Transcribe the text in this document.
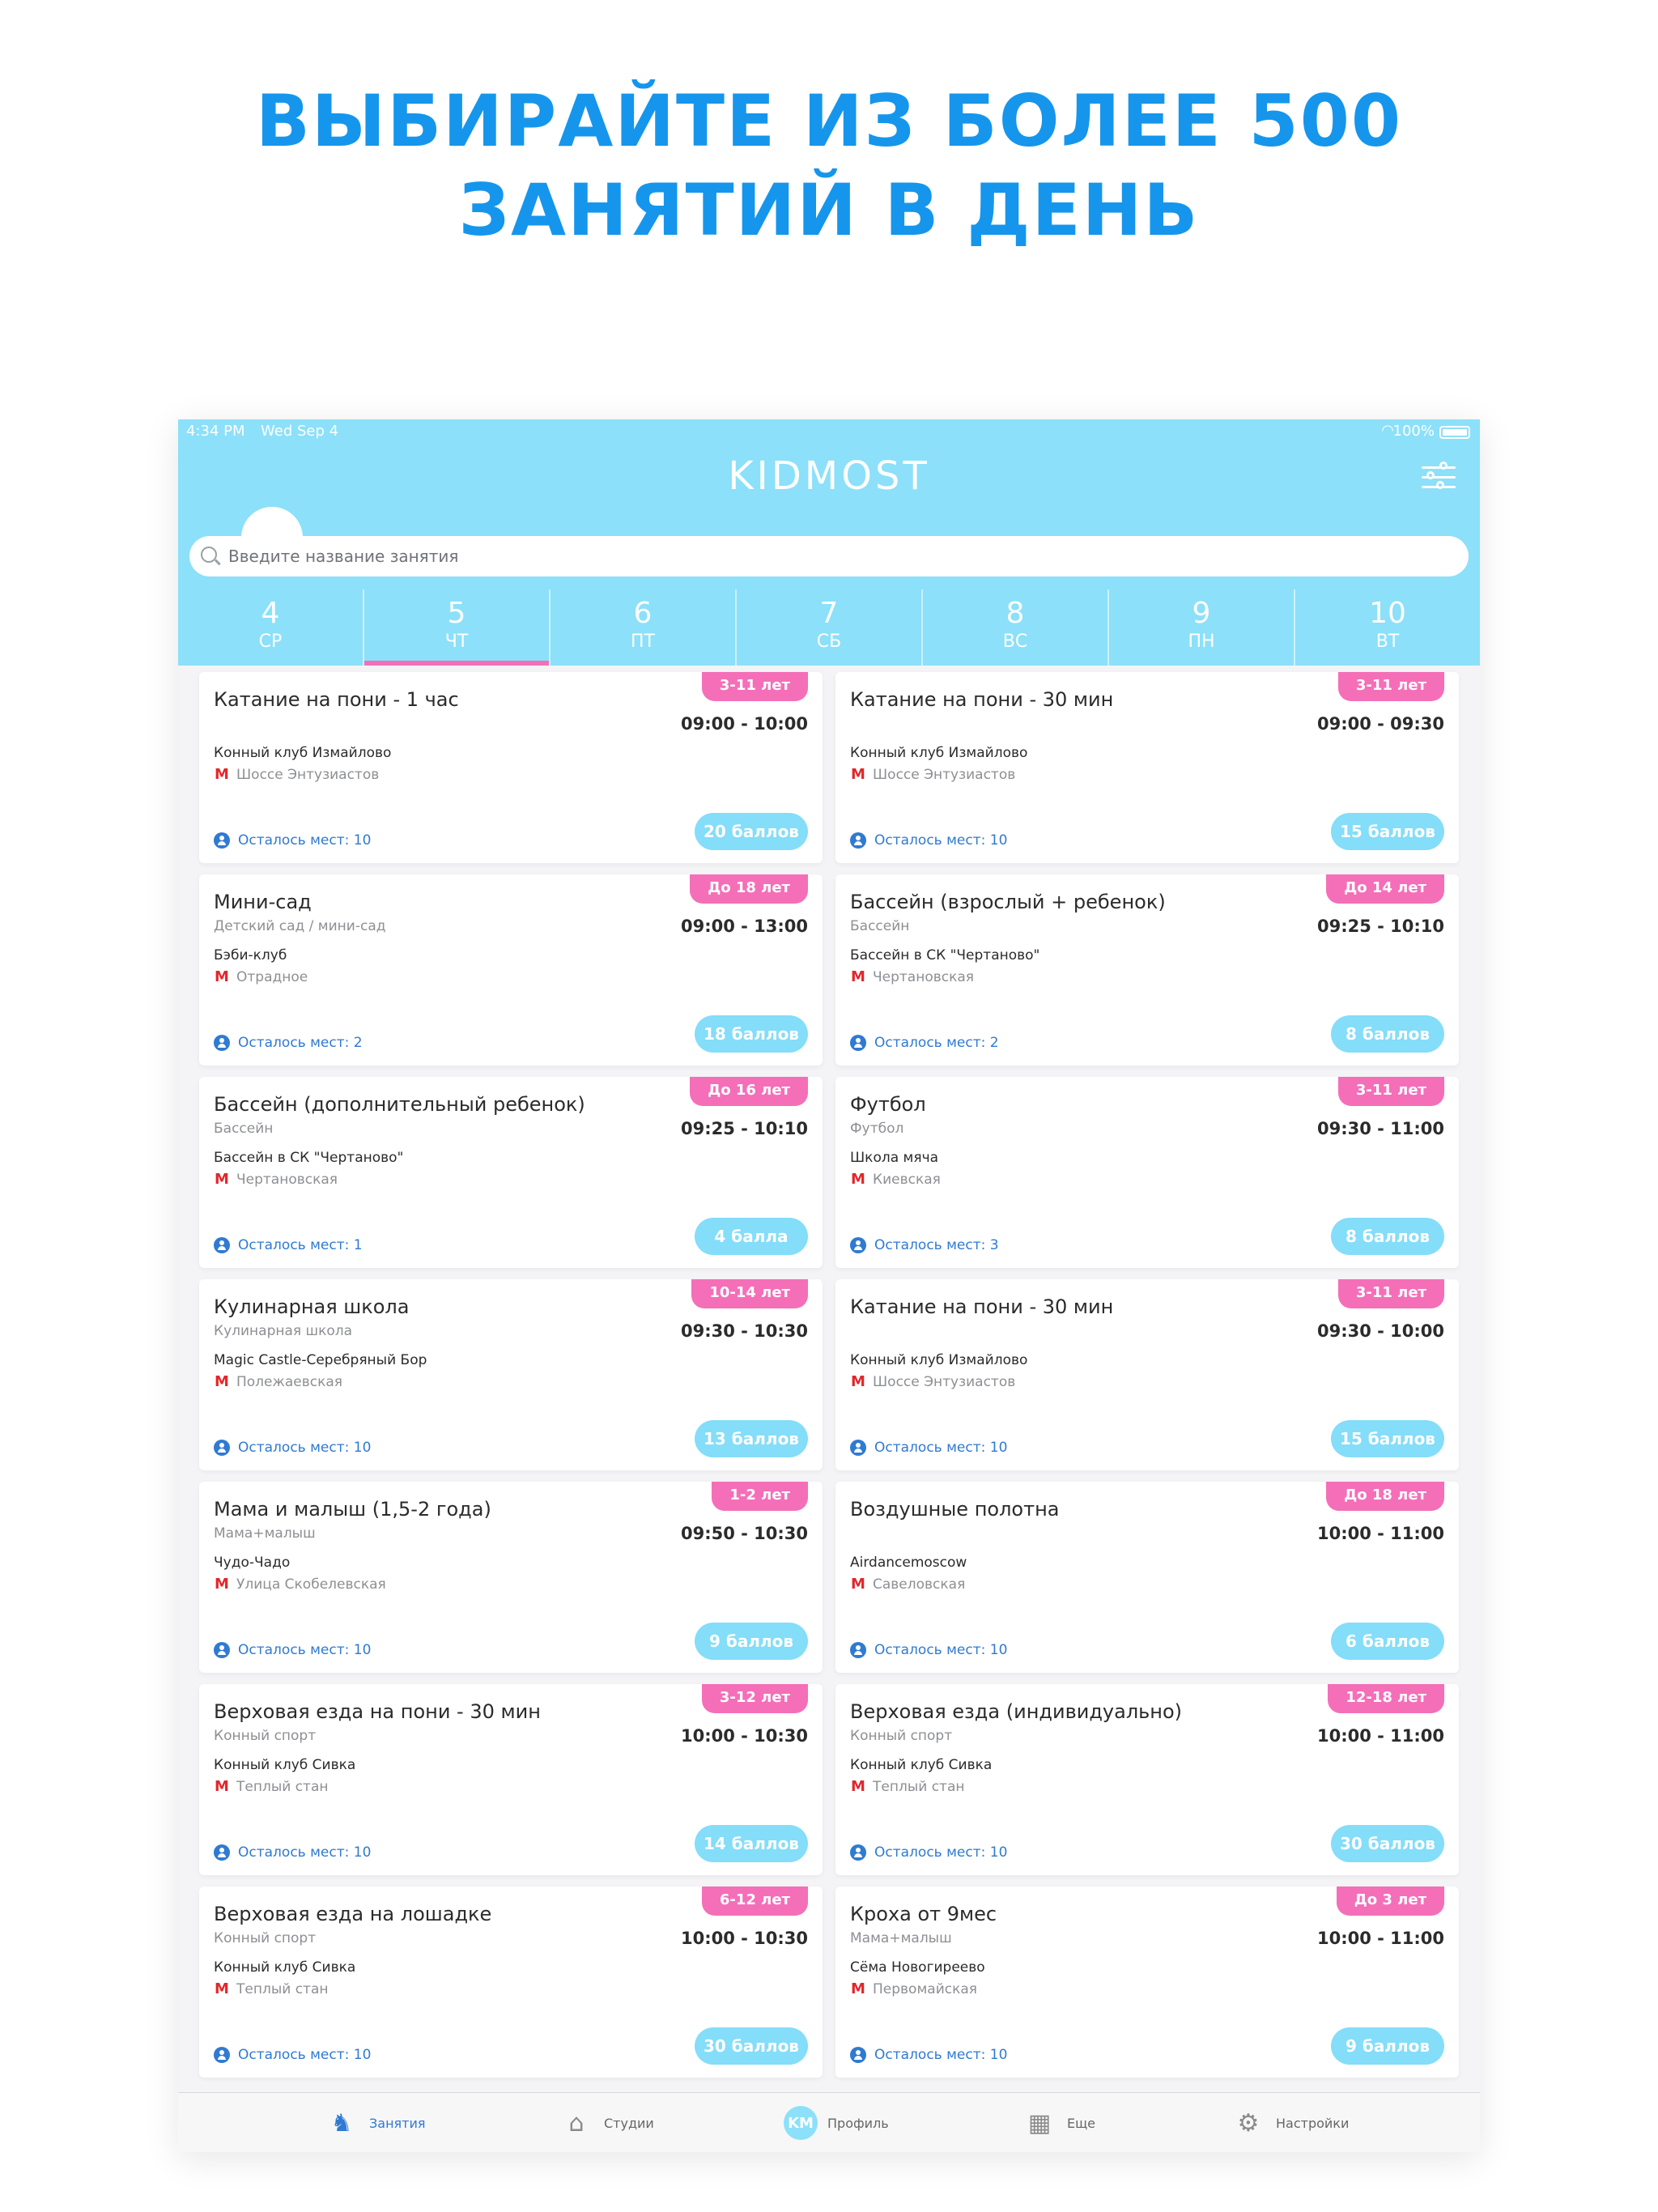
ВЫБИРАЙТЕ ИЗ БОЛЕЕ 500
ЗАНЯТИЙ В ДЕНЬ
4:34 PM Wed Sep 4	◠
100%
KIDMOST
Введите название занятия
4
СР
5
ЧТ
6
ПТ
7
СБ
8
ВС
9
ПН
10
ВТ
Катание на пони - 1 час
Конный клуб Измайлово
М Шоссе Энтузиастов
3-11 лет
09:00 - 10:00
Осталось мест: 10	20 баллов
Катание на пони - 30 мин
Конный клуб Измайлово
М Шоссе Энтузиастов
3-11 лет
09:00 - 09:30
Осталось мест: 10	15 баллов
Мини-сад
Детский сад / мини-сад
Бэби-клуб
М Отрадное
До 18 лет
09:00 - 13:00
Осталось мест: 2	18 баллов
Бассейн (взрослый + ребенок)
Бассейн
Бассейн в СК "Чертаново"
М Чертановская
До 14 лет
09:25 - 10:10
Осталось мест: 2	8 баллов
Бассейн (дополнительный ребенок)
Бассейн
Бассейн в СК "Чертаново"
М Чертановская
До 16 лет
09:25 - 10:10
Осталось мест: 1	4 балла
Футбол
Футбол
Школа мяча
М Киевская
3-11 лет
09:30 - 11:00
Осталось мест: 3	8 баллов
Кулинарная школа
Кулинарная школа
Magic Castle-Серебряный Бор
М Полежаевская
10-14 лет
09:30 - 10:30
Осталось мест: 10	13 баллов
Катание на пони - 30 мин
Конный клуб Измайлово
М Шоссе Энтузиастов
3-11 лет
09:30 - 10:00
Осталось мест: 10	15 баллов
Мама и малыш (1,5-2 года)
Мама+малыш
Чудо-Чадо
М Улица Скобелевская
1-2 лет
09:50 - 10:30
Осталось мест: 10	9 баллов
Воздушные полотна
Airdancemoscow
М Савеловская
До 18 лет
10:00 - 11:00
Осталось мест: 10	6 баллов
Верховая езда на пони - 30 мин
Конный спорт
Конный клуб Сивка
М Теплый стан
3-12 лет
10:00 - 10:30
Осталось мест: 10	14 баллов
Верховая езда (индивидуально)
Конный спорт
Конный клуб Сивка
М Теплый стан
12-18 лет
10:00 - 11:00
Осталось мест: 10	30 баллов
Верховая езда на лошадке
Конный спорт
Конный клуб Сивка
М Теплый стан
6-12 лет
10:00 - 10:30
Осталось мест: 10	30 баллов
Кроха от 9мес
Мама+малыш
Сёма Новогиреево
М Первомайская
До 3 лет
10:00 - 11:00
Осталось мест: 10	9 баллов
♞	Занятия	⌂	Студии	KM	Профиль	▦	Еще	⚙	Настройки
